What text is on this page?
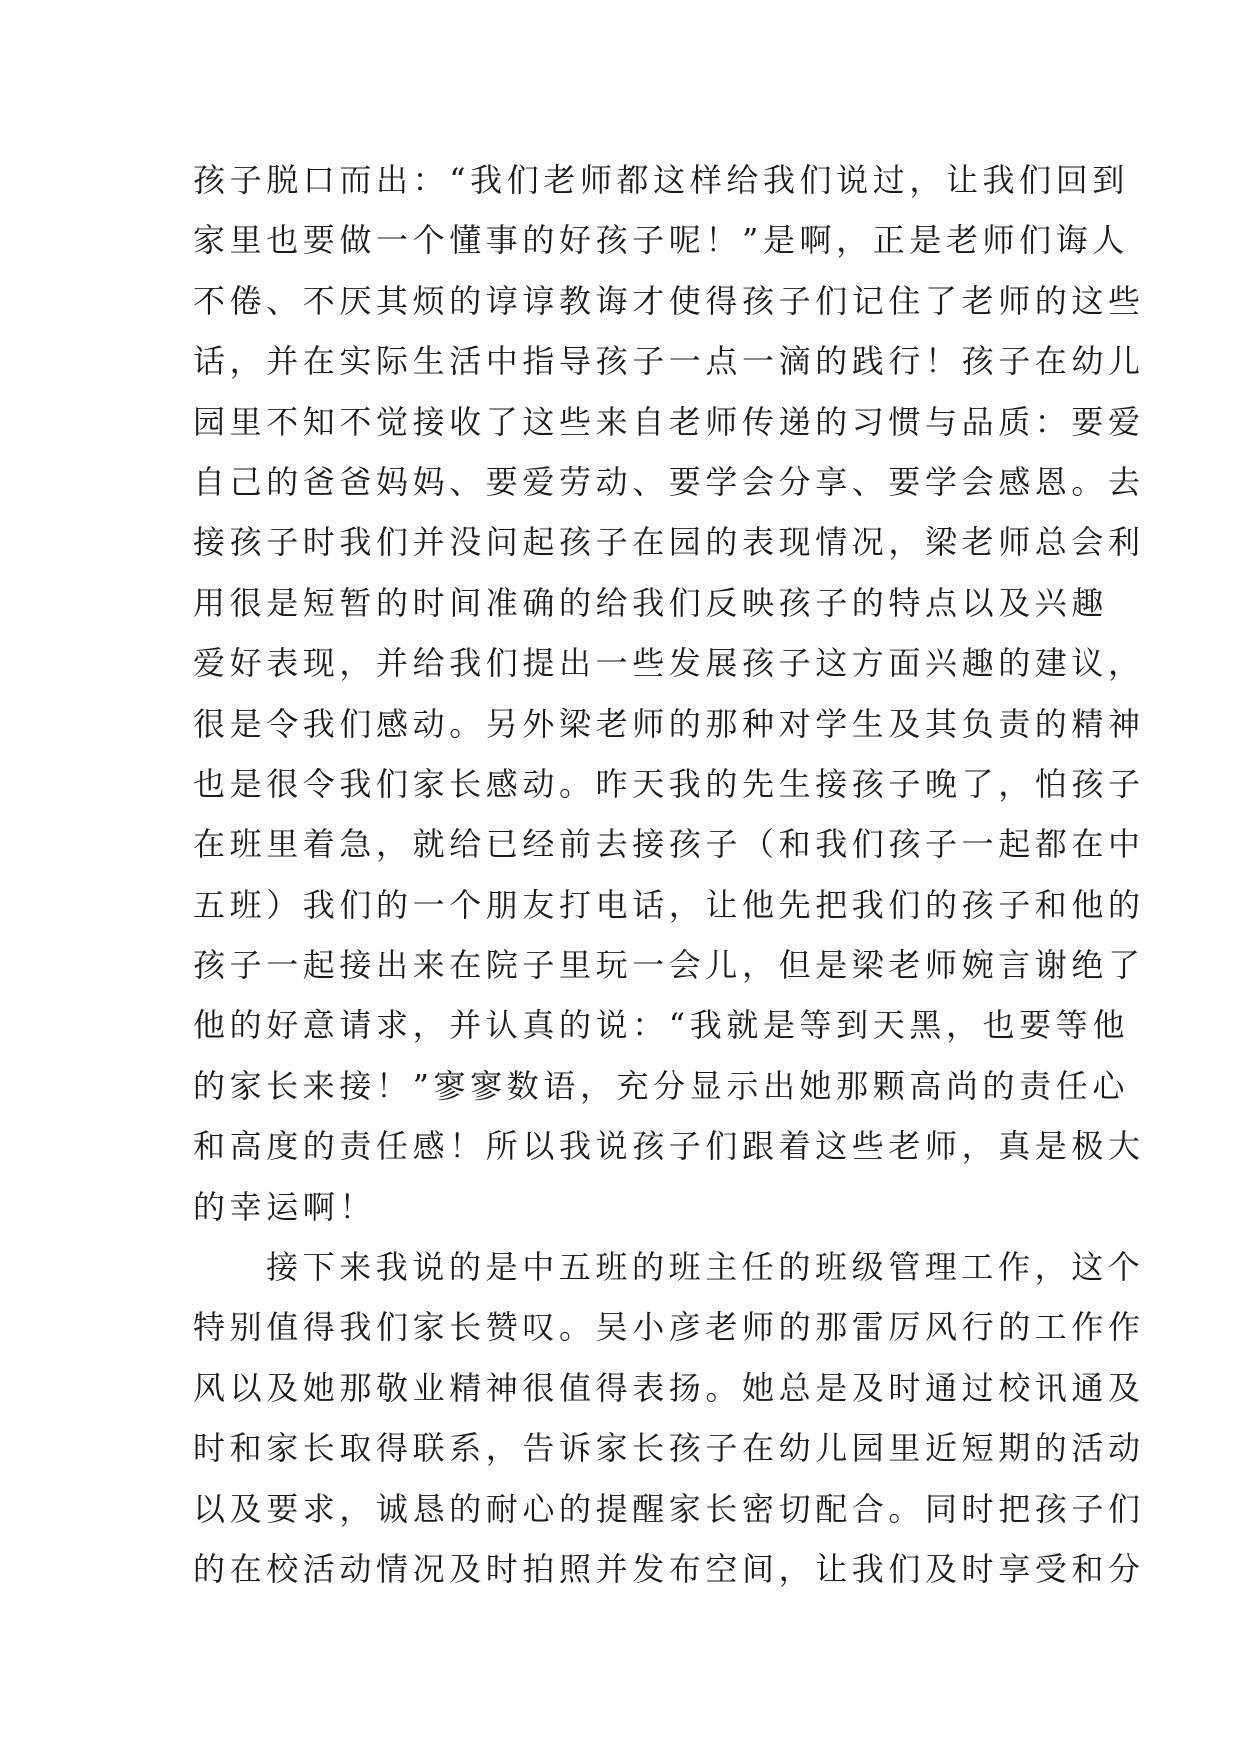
孩子脱口而出：“我们老师都这样给我们说过，让我们回到
家里也要做一个懂事的好孩子呢！”是啊，正是老师们诲人
不倦、不厌其烦的谆谆教诲才使得孩子们记住了老师的这些
话，并在实际生活中指导孩子一点一滴的践行！孩子在幼儿
园里不知不觉接收了这些来自老师传递的习惯与品质：要爱
自己的爸爸妈妈、要爱劳动、要学会分享、要学会感恩。去
接孩子时我们并没问起孩子在园的表现情况，梁老师总会利
用很是短暂的时间准确的给我们反映孩子的特点以及兴趣
爱好表现，并给我们提出一些发展孩子这方面兴趣的建议，
很是令我们感动。另外梁老师的那种对学生及其负责的精神
也是很令我们家长感动。昨天我的先生接孩子晚了，怕孩子
在班里着急，就给已经前去接孩子（和我们孩子一起都在中
五班）我们的一个朋友打电话，让他先把我们的孩子和他的
孩子一起接出来在院子里玩一会儿，但是梁老师婉言谢绝了
他的好意请求，并认真的说：“我就是等到天黑，也要等他
的家长来接！”寥寥数语，充分显示出她那颗高尚的责任心
和高度的责任感！所以我说孩子们跟着这些老师，真是极大
的幸运啊！
接下来我说的是中五班的班主任的班级管理工作，这个
特别值得我们家长赞叹。吴小彦老师的那雷厉风行的工作作
风以及她那敬业精神很值得表扬。她总是及时通过校讯通及
时和家长取得联系，告诉家长孩子在幼儿园里近短期的活动
以及要求，诚恳的耐心的提醒家长密切配合。同时把孩子们
的在校活动情况及时拍照并发布空间，让我们及时享受和分
